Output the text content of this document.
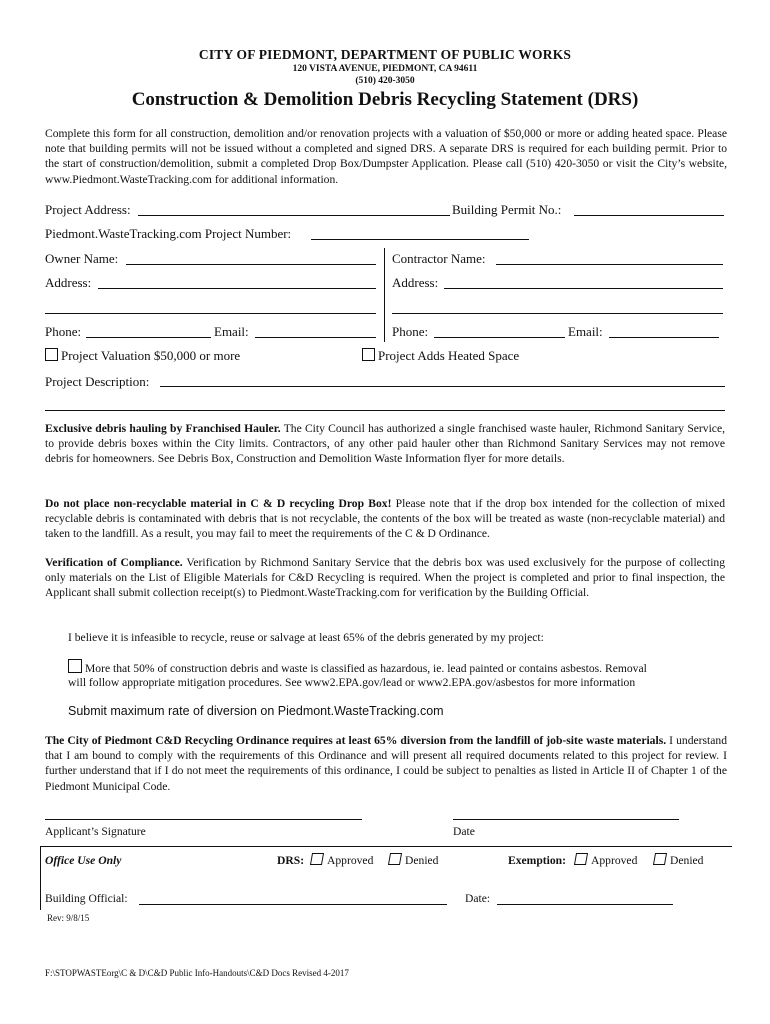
CITY OF PIEDMONT, DEPARTMENT OF PUBLIC WORKS
120 VISTA AVENUE, PIEDMONT, CA 94611
(510) 420-3050
Construction & Demolition Debris Recycling Statement (DRS)
Complete this form for all construction, demolition and/or renovation projects with a valuation of $50,000 or more or adding heated space. Please note that building permits will not be issued without a completed and signed DRS. A separate DRS is required for each building permit. Prior to the start of construction/demolition, submit a completed Drop Box/Dumpster Application. Please call (510) 420-3050 or visit the City’s website, www.Piedmont.WasteTracking.com for additional information.
Project Address:	Building Permit No.:
Piedmont.WasteTracking.com Project Number:
Owner Name:	Contractor Name:
Address:	Address:
Phone:	Email:	Phone:	Email:
Project Valuation $50,000 or more	Project Adds Heated Space
Project Description:
Exclusive debris hauling by Franchised Hauler. The City Council has authorized a single franchised waste hauler, Richmond Sanitary Service, to provide debris boxes within the City limits. Contractors, of any other paid hauler other than Richmond Sanitary Services may not remove debris for homeowners. See Debris Box, Construction and Demolition Waste Information flyer for more details.
Do not place non-recyclable material in C & D recycling Drop Box! Please note that if the drop box intended for the collection of mixed recyclable debris is contaminated with debris that is not recyclable, the contents of the box will be treated as waste (non-recyclable material) and taken to the landfill. As a result, you may fail to meet the requirements of the C & D Ordinance.
Verification of Compliance. Verification by Richmond Sanitary Service that the debris box was used exclusively for the purpose of collecting only materials on the List of Eligible Materials for C&D Recycling is required. When the project is completed and prior to final inspection, the Applicant shall submit collection receipt(s) to Piedmont.WasteTracking.com for verification by the Building Official.
I believe it is infeasible to recycle, reuse or salvage at least 65% of the debris generated by my project:
More that 50% of construction debris and waste is classified as hazardous, ie. lead painted or contains asbestos. Removal
will follow appropriate mitigation procedures. See www2.EPA.gov/lead or www2.EPA.gov/asbestos for more information
Submit maximum rate of diversion on Piedmont.WasteTracking.com
The City of Piedmont C&D Recycling Ordinance requires at least 65% diversion from the landfill of job-site waste materials. I understand that I am bound to comply with the requirements of this Ordinance and will present all required documents related to this project for review. I further understand that if I do not meet the requirements of this ordinance, I could be subject to penalties as listed in Article II of Chapter 1 of the Piedmont Municipal Code.
Applicant’s Signature	Date
Office Use Only	DRS:	Approved	Denied	Exemption:	Approved	Denied
Building Official:	Date:
Rev: 9/8/15
F:\STOPWASTEorg\C & D\C&D Public Info-Handouts\C&D Docs Revised 4-2017
